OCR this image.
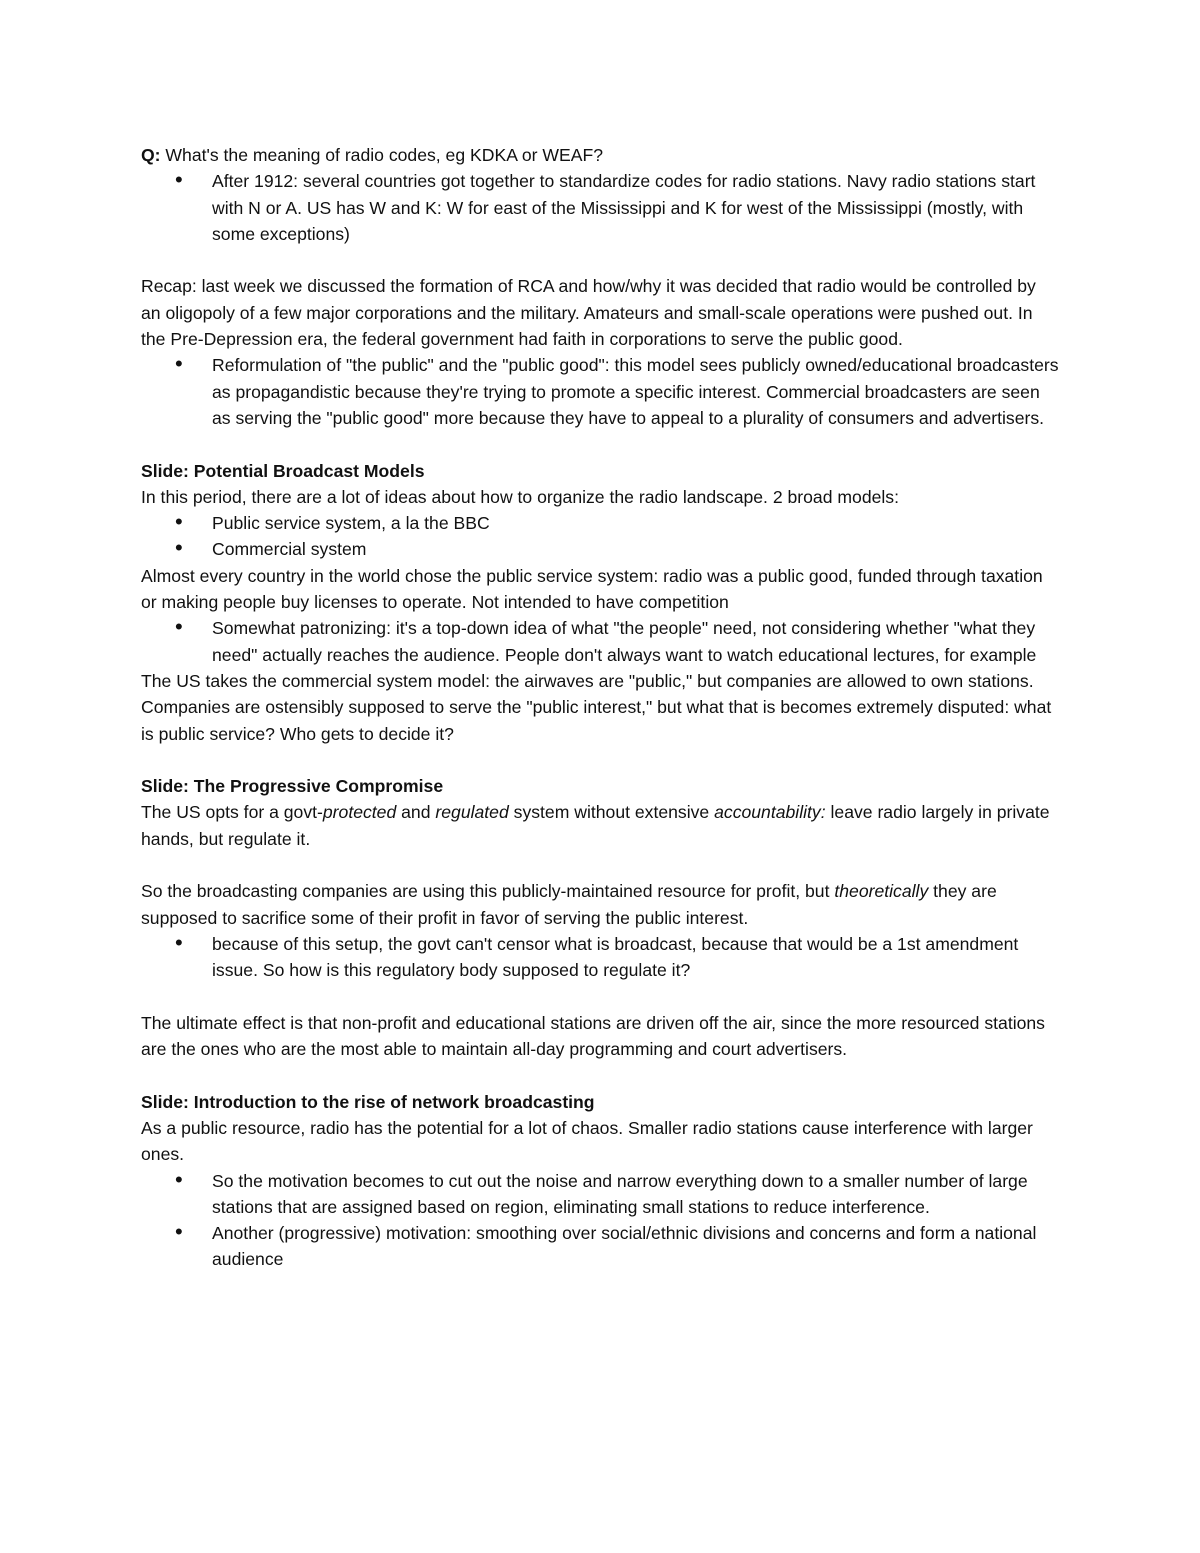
Q: What's the meaning of radio codes, eg KDKA or WEAF?

• After 1912: several countries got together to standardize codes for radio stations. Navy radio stations start with N or A. US has W and K: W for east of the Mississippi and K for west of the Mississippi (mostly, with some exceptions)

Recap: last week we discussed the formation of RCA and how/why it was decided that radio would be controlled by an oligopoly of a few major corporations and the military. Amateurs and small-scale operations were pushed out. In the Pre-Depression era, the federal government had faith in corporations to serve the public good.

• Reformulation of "the public" and the "public good": this model sees publicly owned/educational broadcasters as propagandistic because they're trying to promote a specific interest. Commercial broadcasters are seen as serving the "public good" more because they have to appeal to a plurality of consumers and advertisers.

Slide: Potential Broadcast Models

In this period, there are a lot of ideas about how to organize the radio landscape. 2 broad models:

• Public service system, a la the BBC
• Commercial system

Almost every country in the world chose the public service system: radio was a public good, funded through taxation or making people buy licenses to operate. Not intended to have competition

• Somewhat patronizing: it's a top-down idea of what "the people" need, not considering whether "what they need" actually reaches the audience. People don't always want to watch educational lectures, for example

The US takes the commercial system model: the airwaves are "public," but companies are allowed to own stations. Companies are ostensibly supposed to serve the "public interest," but what that is becomes extremely disputed: what is public service? Who gets to decide it?

Slide: The Progressive Compromise

The US opts for a govt-protected and regulated system without extensive accountability: leave radio largely in private hands, but regulate it.

So the broadcasting companies are using this publicly-maintained resource for profit, but theoretically they are supposed to sacrifice some of their profit in favor of serving the public interest.

• because of this setup, the govt can't censor what is broadcast, because that would be a 1st amendment issue. So how is this regulatory body supposed to regulate it?

The ultimate effect is that non-profit and educational stations are driven off the air, since the more resourced stations are the ones who are the most able to maintain all-day programming and court advertisers.

Slide: Introduction to the rise of network broadcasting

As a public resource, radio has the potential for a lot of chaos. Smaller radio stations cause interference with larger ones.

• So the motivation becomes to cut out the noise and narrow everything down to a smaller number of large stations that are assigned based on region, eliminating small stations to reduce interference.
• Another (progressive) motivation: smoothing over social/ethnic divisions and concerns and form a national audience
